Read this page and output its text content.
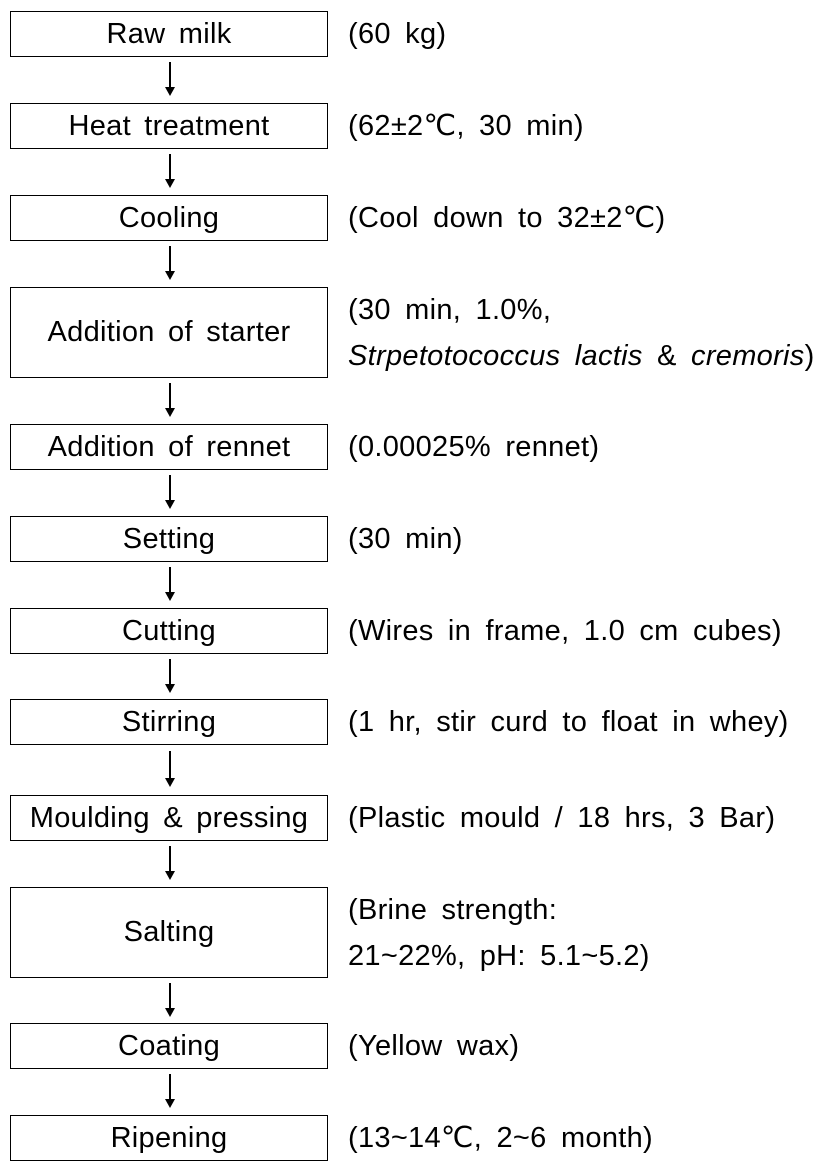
Raw milk
Heat treatment
Cooling
Addition of starter
Addition of rennet
Setting
Cutting
Stirring
Moulding & pressing
Salting
Coating
Ripening
(60 kg)
(62±2℃, 30 min)
(Cool down to 32±2℃)
(30 min, 1.0%,
Strpetotococcus lactis & cremoris)
(0.00025% rennet)
(30 min)
(Wires in frame, 1.0 cm cubes)
(1 hr, stir curd to float in whey)
(Plastic mould / 18 hrs, 3 Bar)
(Brine strength:
21~22%, pH: 5.1~5.2)
(Yellow wax)
(13~14℃, 2~6 month)
